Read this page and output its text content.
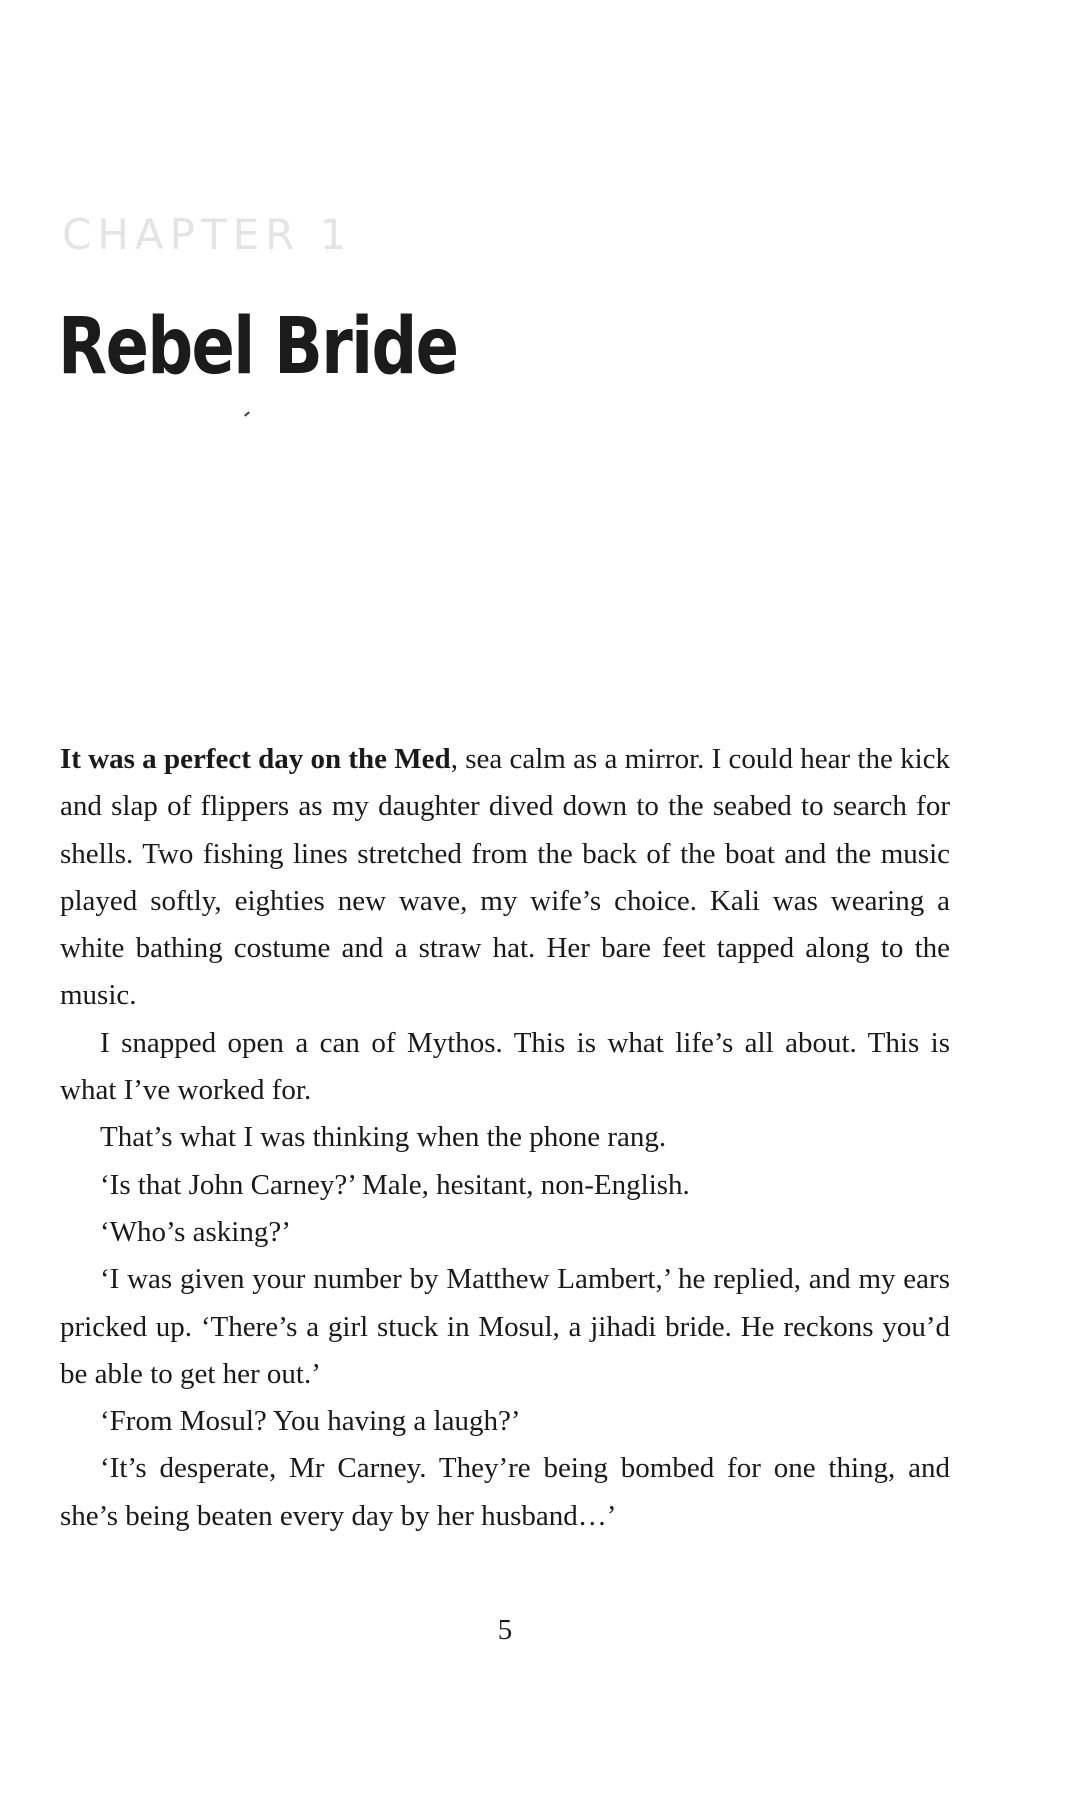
CHAPTER 1
Rebel Bride

It was a perfect day on the Med, sea calm as a mirror. I could hear the kick and slap of flippers as my daughter dived down to the seabed to search for shells. Two fishing lines stretched from the back of the boat and the music played softly, eighties new wave, my wife’s choice. Kali was wearing a white bathing costume and a straw hat. Her bare feet tapped along to the music.

I snapped open a can of Mythos. This is what life’s all about. This is what I’ve worked for.

That’s what I was thinking when the phone rang.

‘Is that John Carney?’ Male, hesitant, non-English.

‘Who’s asking?’

‘I was given your number by Matthew Lambert,’ he replied, and my ears pricked up. ‘There’s a girl stuck in Mosul, a jihadi bride. He reckons you’d be able to get her out.’

‘From Mosul? You having a laugh?’

‘It’s desperate, Mr Carney. They’re being bombed for one thing, and she’s being beaten every day by her husband…’

5
